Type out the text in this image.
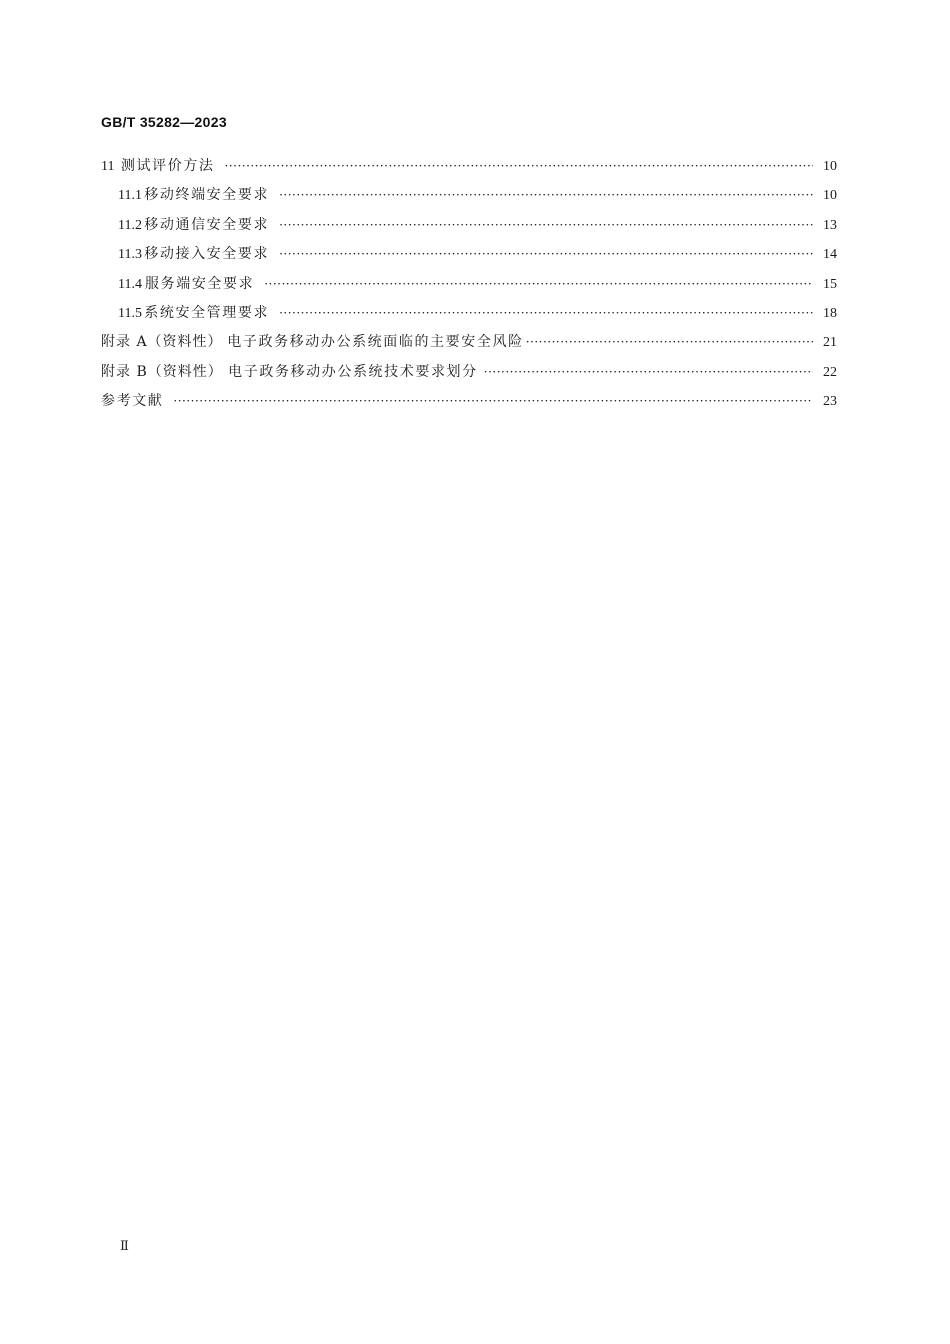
GB/T 35282—2023
11 测试评价方法 ·····	10
11.1 移动终端安全要求 ·····	10
11.2 移动通信安全要求 ·····	13
11.3 移动接入安全要求 ·····	14
11.4 服务端安全要求 ·····	15
11.5 系统安全管理要求 ·····	18
附录 A（资料性） 电子政务移动办公系统面临的主要安全风险 ·····	21
附录 B（资料性） 电子政务移动办公系统技术要求划分 ·····	22
参考文献 ·····	23
Ⅱ
